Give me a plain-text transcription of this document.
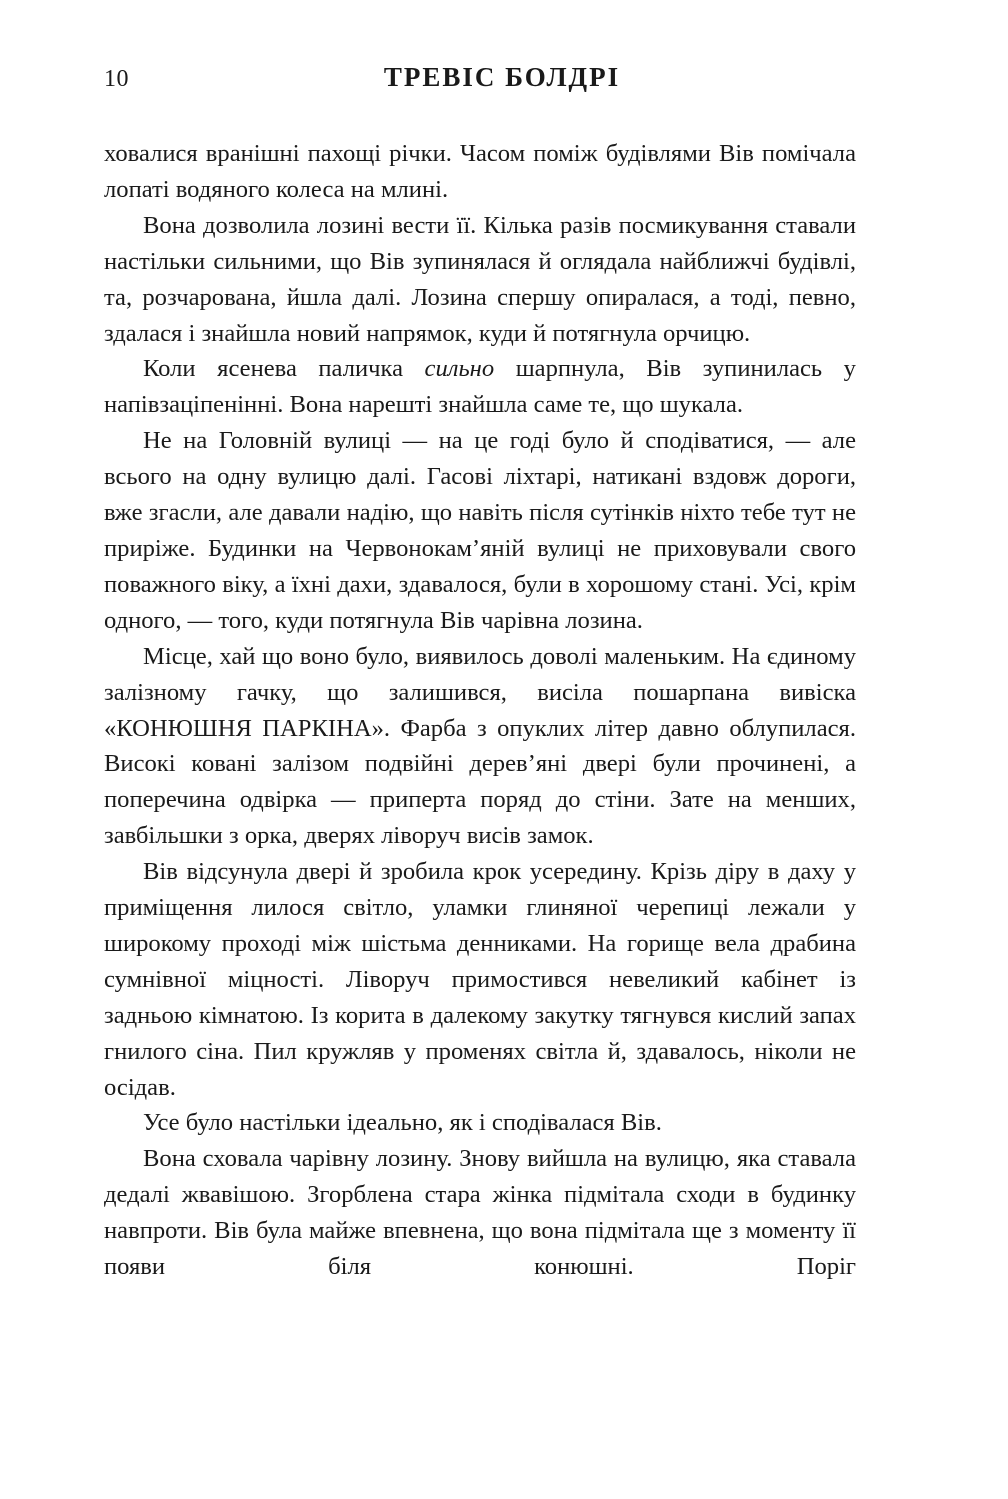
10	ТРЕВІС БОЛДРІ

ховалися вранішні пахощі річки. Часом поміж будівлями Вів помічала лопаті водяного колеса на млині.

Вона дозволила лозині вести її. Кілька разів посмикування ставали настільки сильними, що Вів зупинялася й оглядала найближчі будівлі, та, розчарована, йшла далі. Лозина спершу опиралася, а тоді, певно, здалася і знайшла новий напрямок, куди й потягнула орчицю.

Коли ясенева паличка сильно шарпнула, Вів зупинилась у напівзаціпенінні. Вона нарешті знайшла саме те, що шукала.

Не на Головній вулиці — на це годі було й сподіватися, — але всього на одну вулицю далі. Гасові ліхтарі, натикані вздовж дороги, вже згасли, але давали надію, що навіть після сутінків ніхто тебе тут не приріже. Будинки на Червонокам’яній вулиці не приховували свого поважного віку, а їхні дахи, здавалося, були в хорошому стані. Усі, крім одного, — того, куди потягнула Вів чарівна лозина.

Місце, хай що воно було, виявилось доволі маленьким. На єдиному залізному гачку, що залишився, висіла пошарпана вивіска «КОНЮШНЯ ПАРКІНА». Фарба з опуклих літер давно облупилася. Високі ковані залізом подвійні дерев’яні двері були прочинені, а поперечина одвірка — приперта поряд до стіни. Зате на менших, завбільшки з орка, дверях ліворуч висів замок.

Вів відсунула двері й зробила крок усередину. Крізь діру в даху у приміщення лилося світло, уламки глиняної черепиці лежали у широкому проході між шістьма денниками. На горище вела драбина сумнівної міцності. Ліворуч примостився невеликий кабінет із задньою кімнатою. Із корита в далекому закутку тягнувся кислий запах гнилого сіна. Пил кружляв у променях світла й, здавалось, ніколи не осідав.

Усе було настільки ідеально, як і сподівалася Вів.

Вона сховала чарівну лозину. Знову вийшла на вулицю, яка ставала дедалі жвавішою. Згорблена стара жінка підмітала сходи в будинку навпроти. Вів була майже впевнена, що вона підмітала ще з моменту її появи біля конюшні. Поріг
